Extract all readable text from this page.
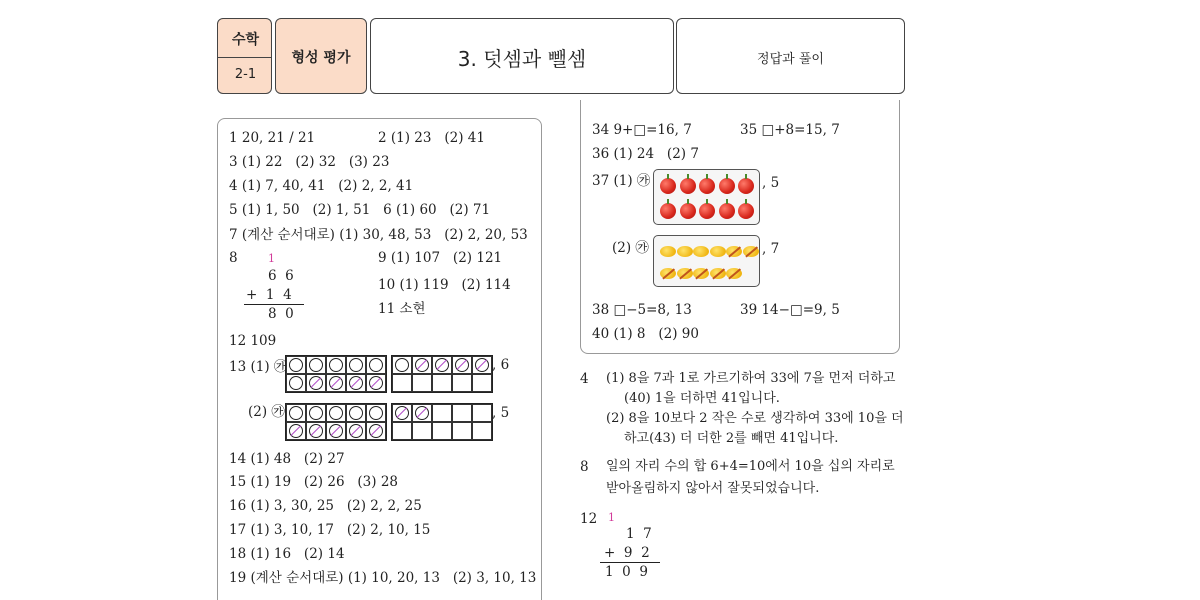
수학
2-1
형성 평가	3. 덧셈과 뺄셈	정답과 풀이
1 20, 21 / 21	2 (1) 23   (2) 41
3 (1) 22   (2) 32   (3) 23
4 (1) 7, 40, 41   (2) 2, 2, 41
5 (1) 1, 50   (2) 1, 51   6 (1) 60   (2) 71
7 (계산 순서대로) (1) 30, 48, 53   (2) 2, 20, 53
8	1
6  6
+  1  4
8  0
9 (1) 107   (2) 121
10 (1) 119   (2) 114
11 소현
12 109
13 (1) ㉮	, 6
(2) ㉮	, 5
14 (1) 48   (2) 27
15 (1) 19   (2) 26   (3) 28
16 (1) 3, 30, 25   (2) 2, 2, 25
17 (1) 3, 10, 17   (2) 2, 10, 15
18 (1) 16   (2) 14
19 (계산 순서대로) (1) 10, 20, 13   (2) 3, 10, 13
34 9+□=16, 7	35 □+8=15, 7
36 (1) 24   (2) 7
37 (1) ㉮	, 5
(2) ㉮	, 7
38 □−5=8, 13	39 14−□=9, 5
40 (1) 8   (2) 90
4 (1) 8을 7과 1로 가르기하여 33에 7을 먼저 더하고
(40) 1을 더하면 41입니다.
(2) 8을 10보다 2 작은 수로 생각하여 33에 10을 더
하고(43) 더 더한 2를 빼면 41입니다.
8 일의 자리 수의 합 6+4=10에서 10을 십의 자리로
받아올림하지 않아서 잘못되었습니다.
12 1
1  7
+  9  2
1  0  9
